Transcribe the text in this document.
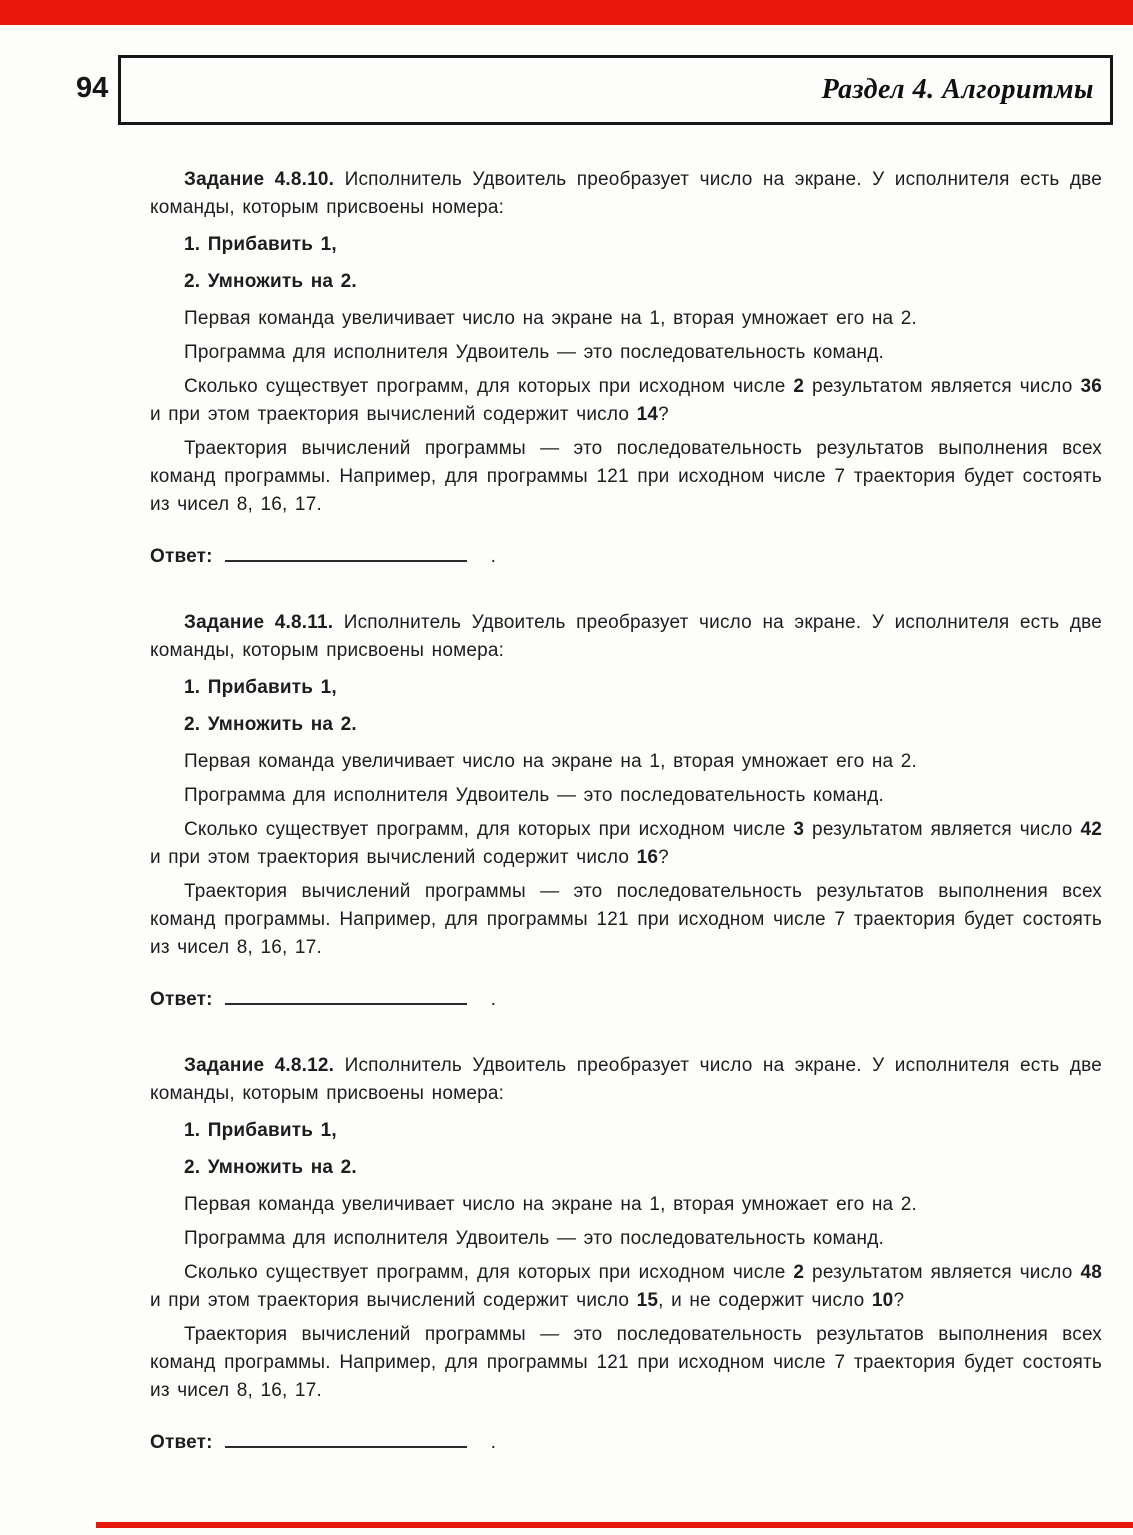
94	Раздел 4. Алгоритмы

Задание 4.8.10. Исполнитель Удвоитель преобразует число на экране. У исполнителя есть две команды, которым присвоены номера:

1. Прибавить 1,

2. Умножить на 2.

Первая команда увеличивает число на экране на 1, вторая умножает его на 2.

Программа для исполнителя Удвоитель — это последовательность команд.

Сколько существует программ, для которых при исходном числе 2 результатом является число 36 и при этом траектория вычислений содержит число 14?

Траектория вычислений программы — это последовательность результатов выполнения всех команд программы. Например, для программы 121 при исходном числе 7 траектория будет состоять из чисел 8, 16, 17.

Ответ:	.

Задание 4.8.11. Исполнитель Удвоитель преобразует число на экране. У исполнителя есть две команды, которым присвоены номера:

1. Прибавить 1,

2. Умножить на 2.

Первая команда увеличивает число на экране на 1, вторая умножает его на 2.

Программа для исполнителя Удвоитель — это последовательность команд.

Сколько существует программ, для которых при исходном числе 3 результатом является число 42 и при этом траектория вычислений содержит число 16?

Траектория вычислений программы — это последовательность результатов выполнения всех команд программы. Например, для программы 121 при исходном числе 7 траектория будет состоять из чисел 8, 16, 17.

Ответ:	.

Задание 4.8.12. Исполнитель Удвоитель преобразует число на экране. У исполнителя есть две команды, которым присвоены номера:

1. Прибавить 1,

2. Умножить на 2.

Первая команда увеличивает число на экране на 1, вторая умножает его на 2.

Программа для исполнителя Удвоитель — это последовательность команд.

Сколько существует программ, для которых при исходном числе 2 результатом является число 48 и при этом траектория вычислений содержит число 15, и не содержит число 10?

Траектория вычислений программы — это последовательность результатов выполнения всех команд программы. Например, для программы 121 при исходном числе 7 траектория будет состоять из чисел 8, 16, 17.

Ответ:	.
